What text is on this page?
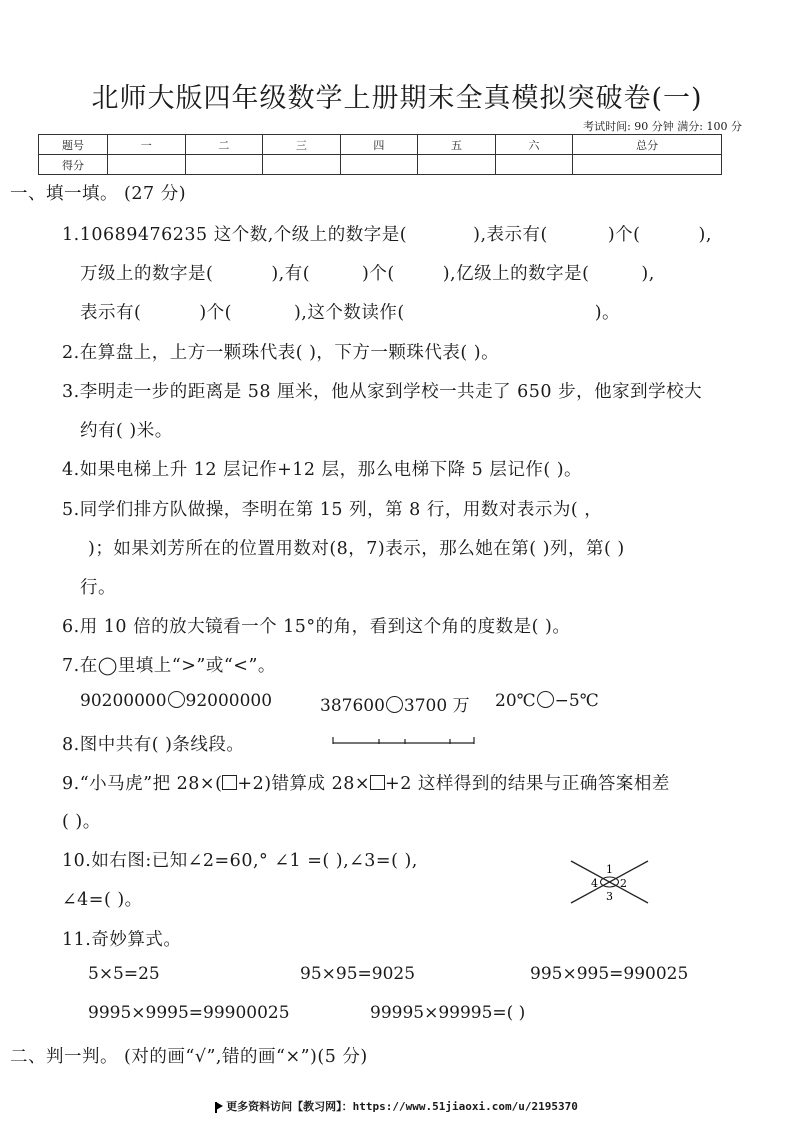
北师大版四年级数学上册期末全真模拟突破卷(一)
考试时间: 90 分钟 满分: 100 分
题号	一	二	三	四	五	六	总分
得分							
一、填一填。 (27 分)
1.10689476235 这个数,个级上的数字是(	),表示有(	)个(	),
万级上的数字是(	),有(	)个(	),亿级上的数字是(	),
表示有(	)个(	),这个数读作(	)。
2.在算盘上，上方一颗珠代表( )，下方一颗珠代表( )。
3.李明走一步的距离是 58 厘米，他从家到学校一共走了 650 步，他家到学校大
约有( )米。
4.如果电梯上升 12 层记作+12 层，那么电梯下降 5 层记作( )。
5.同学们排方队做操，李明在第 15 列，第 8 行，用数对表示为( ，
)；如果刘芳所在的位置用数对(8，7)表示，那么她在第( )列，第( )
行。
6.用 10 倍的放大镜看一个 15°的角，看到这个角的度数是( )。
7.在◯里填上“>”或“<”。
90200000 92000000	387600 3700 万 20℃ −5℃
8.图中共有( )条线段。
9.“小马虎”把 28×( +2)错算成 28× +2 这样得到的结果与正确答案相差
( )。
10.如右图:已知∠2=60,° ∠1 =( ),∠3=( ),
∠4=( )。
1
2
3
4
11.奇妙算式。
5×5=25	95×95=9025	995×995=990025
9995×9995=99900025	99995×99995=( )
二、判一判。 (对的画“√”,错的画“×”)(5 分)
更多资料访问【教习网】：https://www.51jiaoxi.com/u/2195370
